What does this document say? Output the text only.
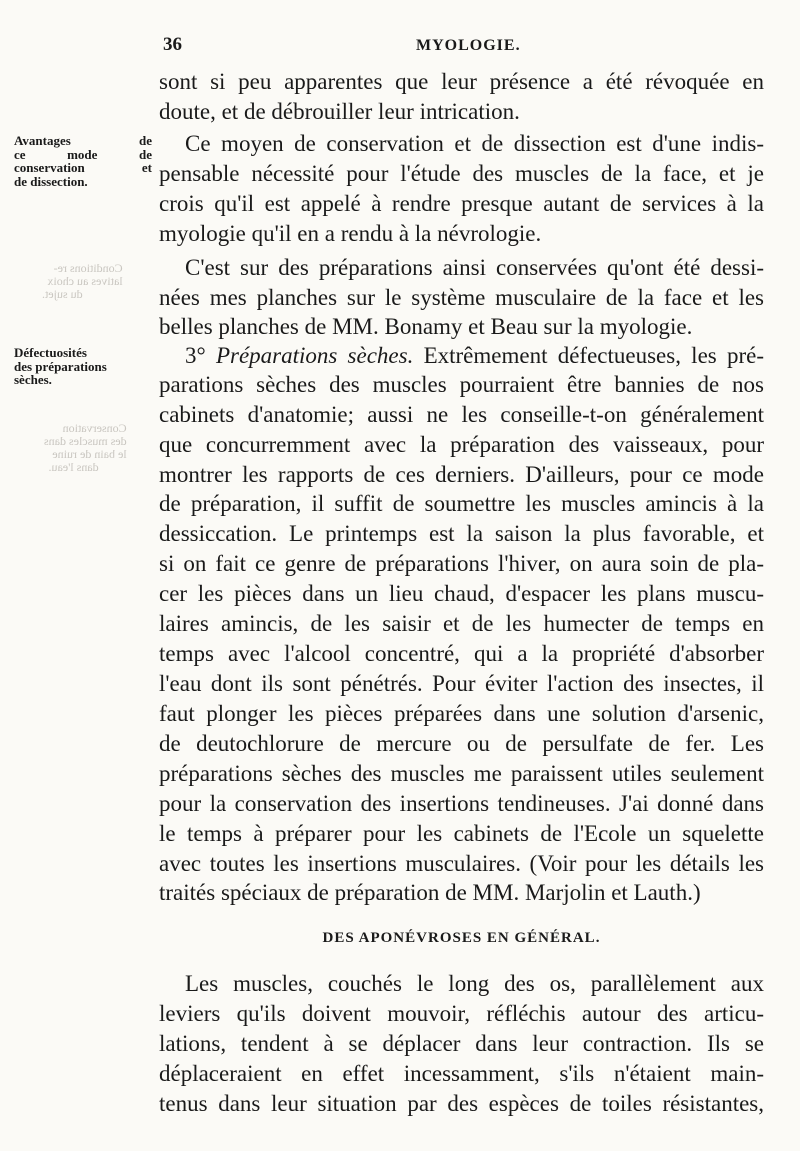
Conditions re-
latives au choix
du sujet.
Conservation
des muscles dans
le bain de ruine
dans l'eau.
36	MYOLOGIE.
Avantages de
ce mode de
conservation et
de dissection.
Défectuosités
des préparations
sèches.
sont si peu apparentes que leur présence a été révoquée en
doute, et de débrouiller leur intrication.
Ce moyen de conservation et de dissection est d'une indis-
pensable nécessité pour l'étude des muscles de la face, et je
crois qu'il est appelé à rendre presque autant de services à la
myologie qu'il en a rendu à la névrologie.
C'est sur des préparations ainsi conservées qu'ont été dessi-
nées mes planches sur le système musculaire de la face et les
belles planches de MM. Bonamy et Beau sur la myologie.
3° Préparations sèches. Extrêmement défectueuses, les pré-
parations sèches des muscles pourraient être bannies de nos
cabinets d'anatomie; aussi ne les conseille-t-on généralement
que concurremment avec la préparation des vaisseaux, pour
montrer les rapports de ces derniers. D'ailleurs, pour ce mode
de préparation, il suffit de soumettre les muscles amincis à la
dessiccation. Le printemps est la saison la plus favorable, et
si on fait ce genre de préparations l'hiver, on aura soin de pla-
cer les pièces dans un lieu chaud, d'espacer les plans muscu-
laires amincis, de les saisir et de les humecter de temps en
temps avec l'alcool concentré, qui a la propriété d'absorber
l'eau dont ils sont pénétrés. Pour éviter l'action des insectes, il
faut plonger les pièces préparées dans une solution d'arsenic,
de deutochlorure de mercure ou de persulfate de fer. Les
préparations sèches des muscles me paraissent utiles seulement
pour la conservation des insertions tendineuses. J'ai donné dans
le temps à préparer pour les cabinets de l'Ecole un squelette
avec toutes les insertions musculaires. (Voir pour les détails les
traités spéciaux de préparation de MM. Marjolin et Lauth.)
DES APONÉVROSES EN GÉNÉRAL.
Les muscles, couchés le long des os, parallèlement aux
leviers qu'ils doivent mouvoir, réfléchis autour des articu-
lations, tendent à se déplacer dans leur contraction. Ils se
déplaceraient en effet incessamment, s'ils n'étaient main-
tenus dans leur situation par des espèces de toiles résistantes,
